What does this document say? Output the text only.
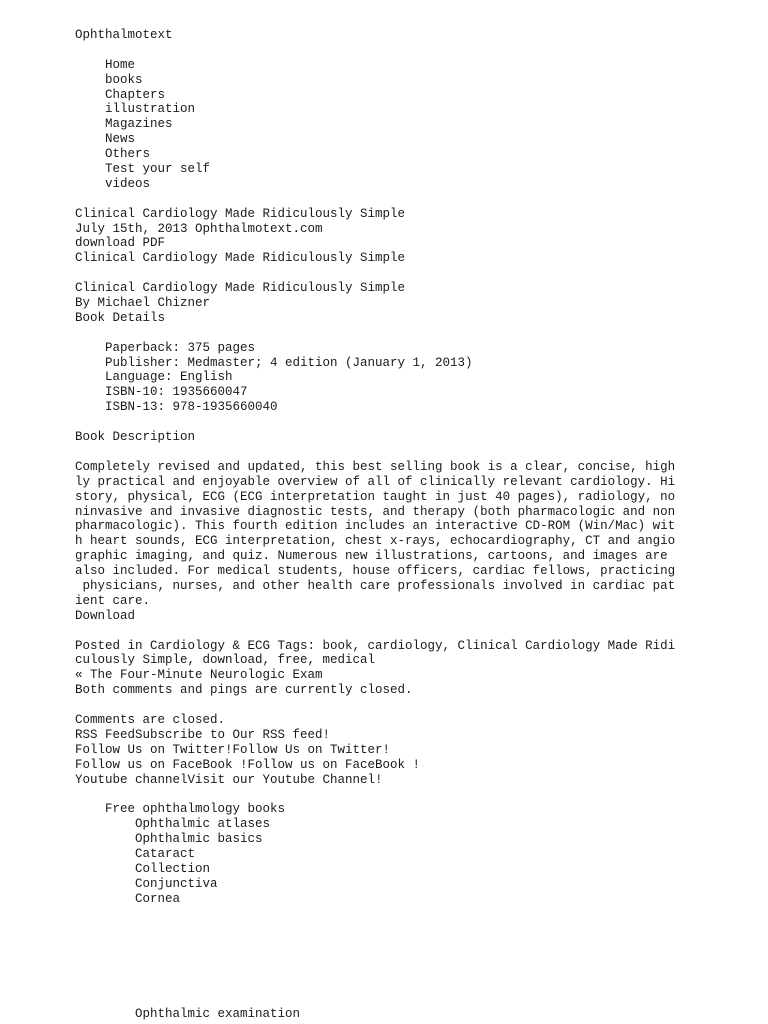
Ophthalmotext
Home
books
Chapters
illustration
Magazines
News
Others
Test your self
videos
Clinical Cardiology Made Ridiculously Simple
July 15th, 2013 Ophthalmotext.com
download PDF
Clinical Cardiology Made Ridiculously Simple
Clinical Cardiology Made Ridiculously Simple
By Michael Chizner
Book Details
Paperback: 375 pages
Publisher: Medmaster; 4 edition (January 1, 2013)
Language: English
ISBN-10: 1935660047
ISBN-13: 978-1935660040
Book Description
Completely revised and updated, this best selling book is a clear, concise, high
ly practical and enjoyable overview of all of clinically relevant cardiology. Hi
story, physical, ECG (ECG interpretation taught in just 40 pages), radiology, no
ninvasive and invasive diagnostic tests, and therapy (both pharmacologic and non
pharmacologic). This fourth edition includes an interactive CD-ROM (Win/Mac) wit
h heart sounds, ECG interpretation, chest x-rays, echocardiography, CT and angio
graphic imaging, and quiz. Numerous new illustrations, cartoons, and images are
also included. For medical students, house officers, cardiac fellows, practicing
physicians, nurses, and other health care professionals involved in cardiac pat
ient care.
Download
Posted in Cardiology & ECG Tags: book, cardiology, Clinical Cardiology Made Ridi
culously Simple, download, free, medical
« The Four-Minute Neurologic Exam
Both comments and pings are currently closed.
Comments are closed.
RSS FeedSubscribe to Our RSS feed!
Follow Us on Twitter!Follow Us on Twitter!
Follow us on FaceBook !Follow us on FaceBook !
Youtube channelVisit our Youtube Channel!
Free ophthalmology books
Ophthalmic atlases
Ophthalmic basics
Cataract
Collection
Conjunctiva
Cornea
Ophthalmic examination
